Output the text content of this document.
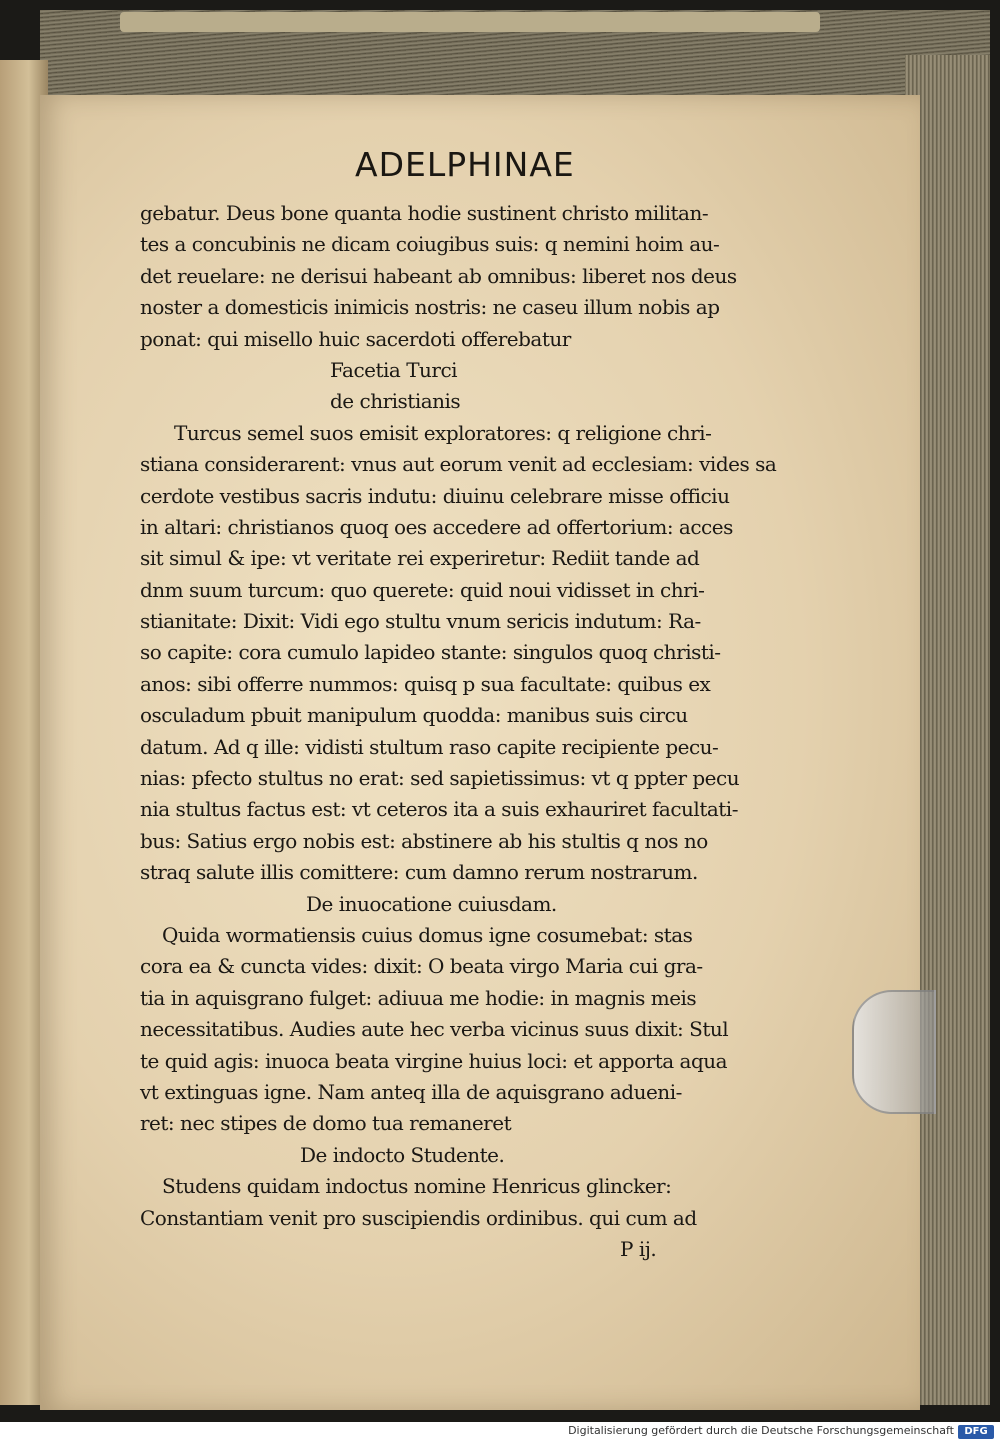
ADELPHINAE
gebatur. Deus bone quanta hodie sustinent christo militan-
tes a concubinis ne dicam coiugibus suis: q nemini hoim au-
det reuelare: ne derisui habeant ab omnibus: liberet nos deus
noster a domesticis inimicis nostris: ne caseu illum nobis ap
ponat: qui misello huic sacerdoti offerebatur
Facetia Turci
de christianis
Turcus semel suos emisit exploratores: q religione chri-
stiana considerarent: vnus aut eorum venit ad ecclesiam: vides sa
cerdote vestibus sacris indutu: diuinu celebrare misse officiu
in altari: christianos quoq oes accedere ad offertorium: acces
sit simul & ipe: vt veritate rei experiretur: Rediit tande ad
dnm suum turcum: quo querete: quid noui vidisset in chri-
stianitate: Dixit: Vidi ego stultu vnum sericis indutum: Ra-
so capite: cora cumulo lapideo stante: singulos quoq christi-
anos: sibi offerre nummos: quisq p sua facultate: quibus ex
osculadum pbuit manipulum quodda: manibus suis circu
datum. Ad q ille: vidisti stultum raso capite recipiente pecu-
nias: pfecto stultus no erat: sed sapietissimus: vt q ppter pecu
nia stultus factus est: vt ceteros ita a suis exhauriret facultati-
bus: Satius ergo nobis est: abstinere ab his stultis q nos no
straq salute illis comittere: cum damno rerum nostrarum.
De inuocatione cuiusdam.
Quida wormatiensis cuius domus igne cosumebat: stas
cora ea & cuncta vides: dixit: O beata virgo Maria cui gra-
tia in aquisgrano fulget: adiuua me hodie: in magnis meis
necessitatibus. Audies aute hec verba vicinus suus dixit: Stul
te quid agis: inuoca beata virgine huius loci: et apporta aqua
vt extinguas igne. Nam anteq illa de aquisgrano adueni-
ret: nec stipes de domo tua remaneret
De indocto Studente.
Studens quidam indoctus nomine Henricus glincker:
Constantiam venit pro suscipiendis ordinibus. qui cum ad
P ij.
Digitalisierung gefördert durch die Deutsche Forschungsgemeinschaft	DFG
